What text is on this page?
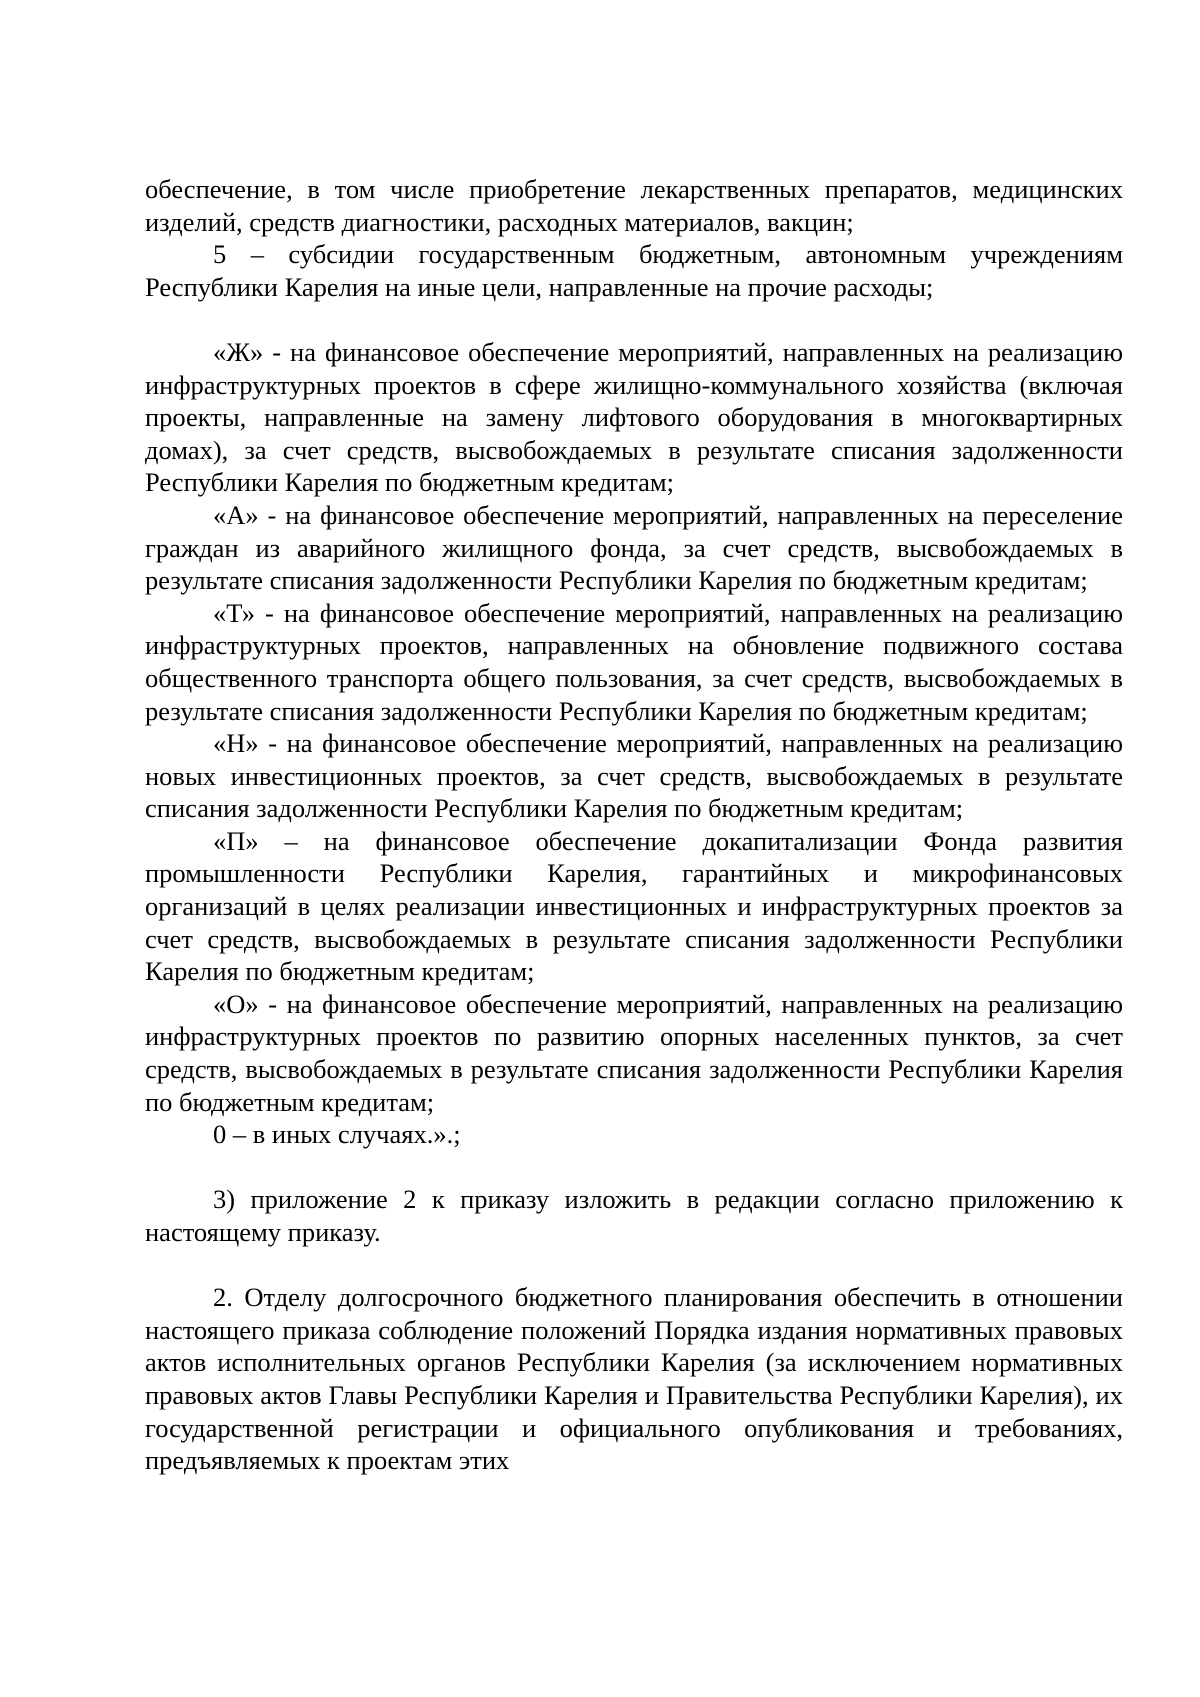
обеспечение, в том числе приобретение лекарственных препаратов, медицинских изделий, средств диагностики, расходных материалов, вакцин;

5 – субсидии государственным бюджетным, автономным учреждениям Республики Карелия на иные цели, направленные на прочие расходы;

«Ж» - на финансовое обеспечение мероприятий, направленных на реализацию инфраструктурных проектов в сфере жилищно-коммунального хозяйства (включая проекты, направленные на замену лифтового оборудования в многоквартирных домах), за счет средств, высвобождаемых в результате списания задолженности Республики Карелия по бюджетным кредитам;

«А» - на финансовое обеспечение мероприятий, направленных на переселение граждан из аварийного жилищного фонда, за счет средств, высвобождаемых в результате списания задолженности Республики Карелия по бюджетным кредитам;

«Т» - на финансовое обеспечение мероприятий, направленных на реализацию инфраструктурных проектов, направленных на обновление подвижного состава общественного транспорта общего пользования, за счет средств, высвобождаемых в результате списания задолженности Республики Карелия по бюджетным кредитам;

«Н» - на финансовое обеспечение мероприятий, направленных на реализацию новых инвестиционных проектов, за счет средств, высвобождаемых в результате списания задолженности Республики Карелия по бюджетным кредитам;

«П» – на финансовое обеспечение докапитализации Фонда развития промышленности Республики Карелия, гарантийных и микрофинансовых организаций в целях реализации инвестиционных и инфраструктурных проектов за счет средств, высвобождаемых в результате списания задолженности Республики Карелия по бюджетным кредитам;

«О» - на финансовое обеспечение мероприятий, направленных на реализацию инфраструктурных проектов по развитию опорных населенных пунктов, за счет средств, высвобождаемых в результате списания задолженности Республики Карелия по бюджетным кредитам;

0 – в иных случаях.».;

3) приложение 2 к приказу изложить в редакции согласно приложению к настоящему приказу.

2. Отделу долгосрочного бюджетного планирования обеспечить в отношении настоящего приказа соблюдение положений Порядка издания нормативных правовых актов исполнительных органов Республики Карелия (за исключением нормативных правовых актов Главы Республики Карелия и Правительства Республики Карелия), их государственной регистрации и официального опубликования и требованиях, предъявляемых к проектам этих
